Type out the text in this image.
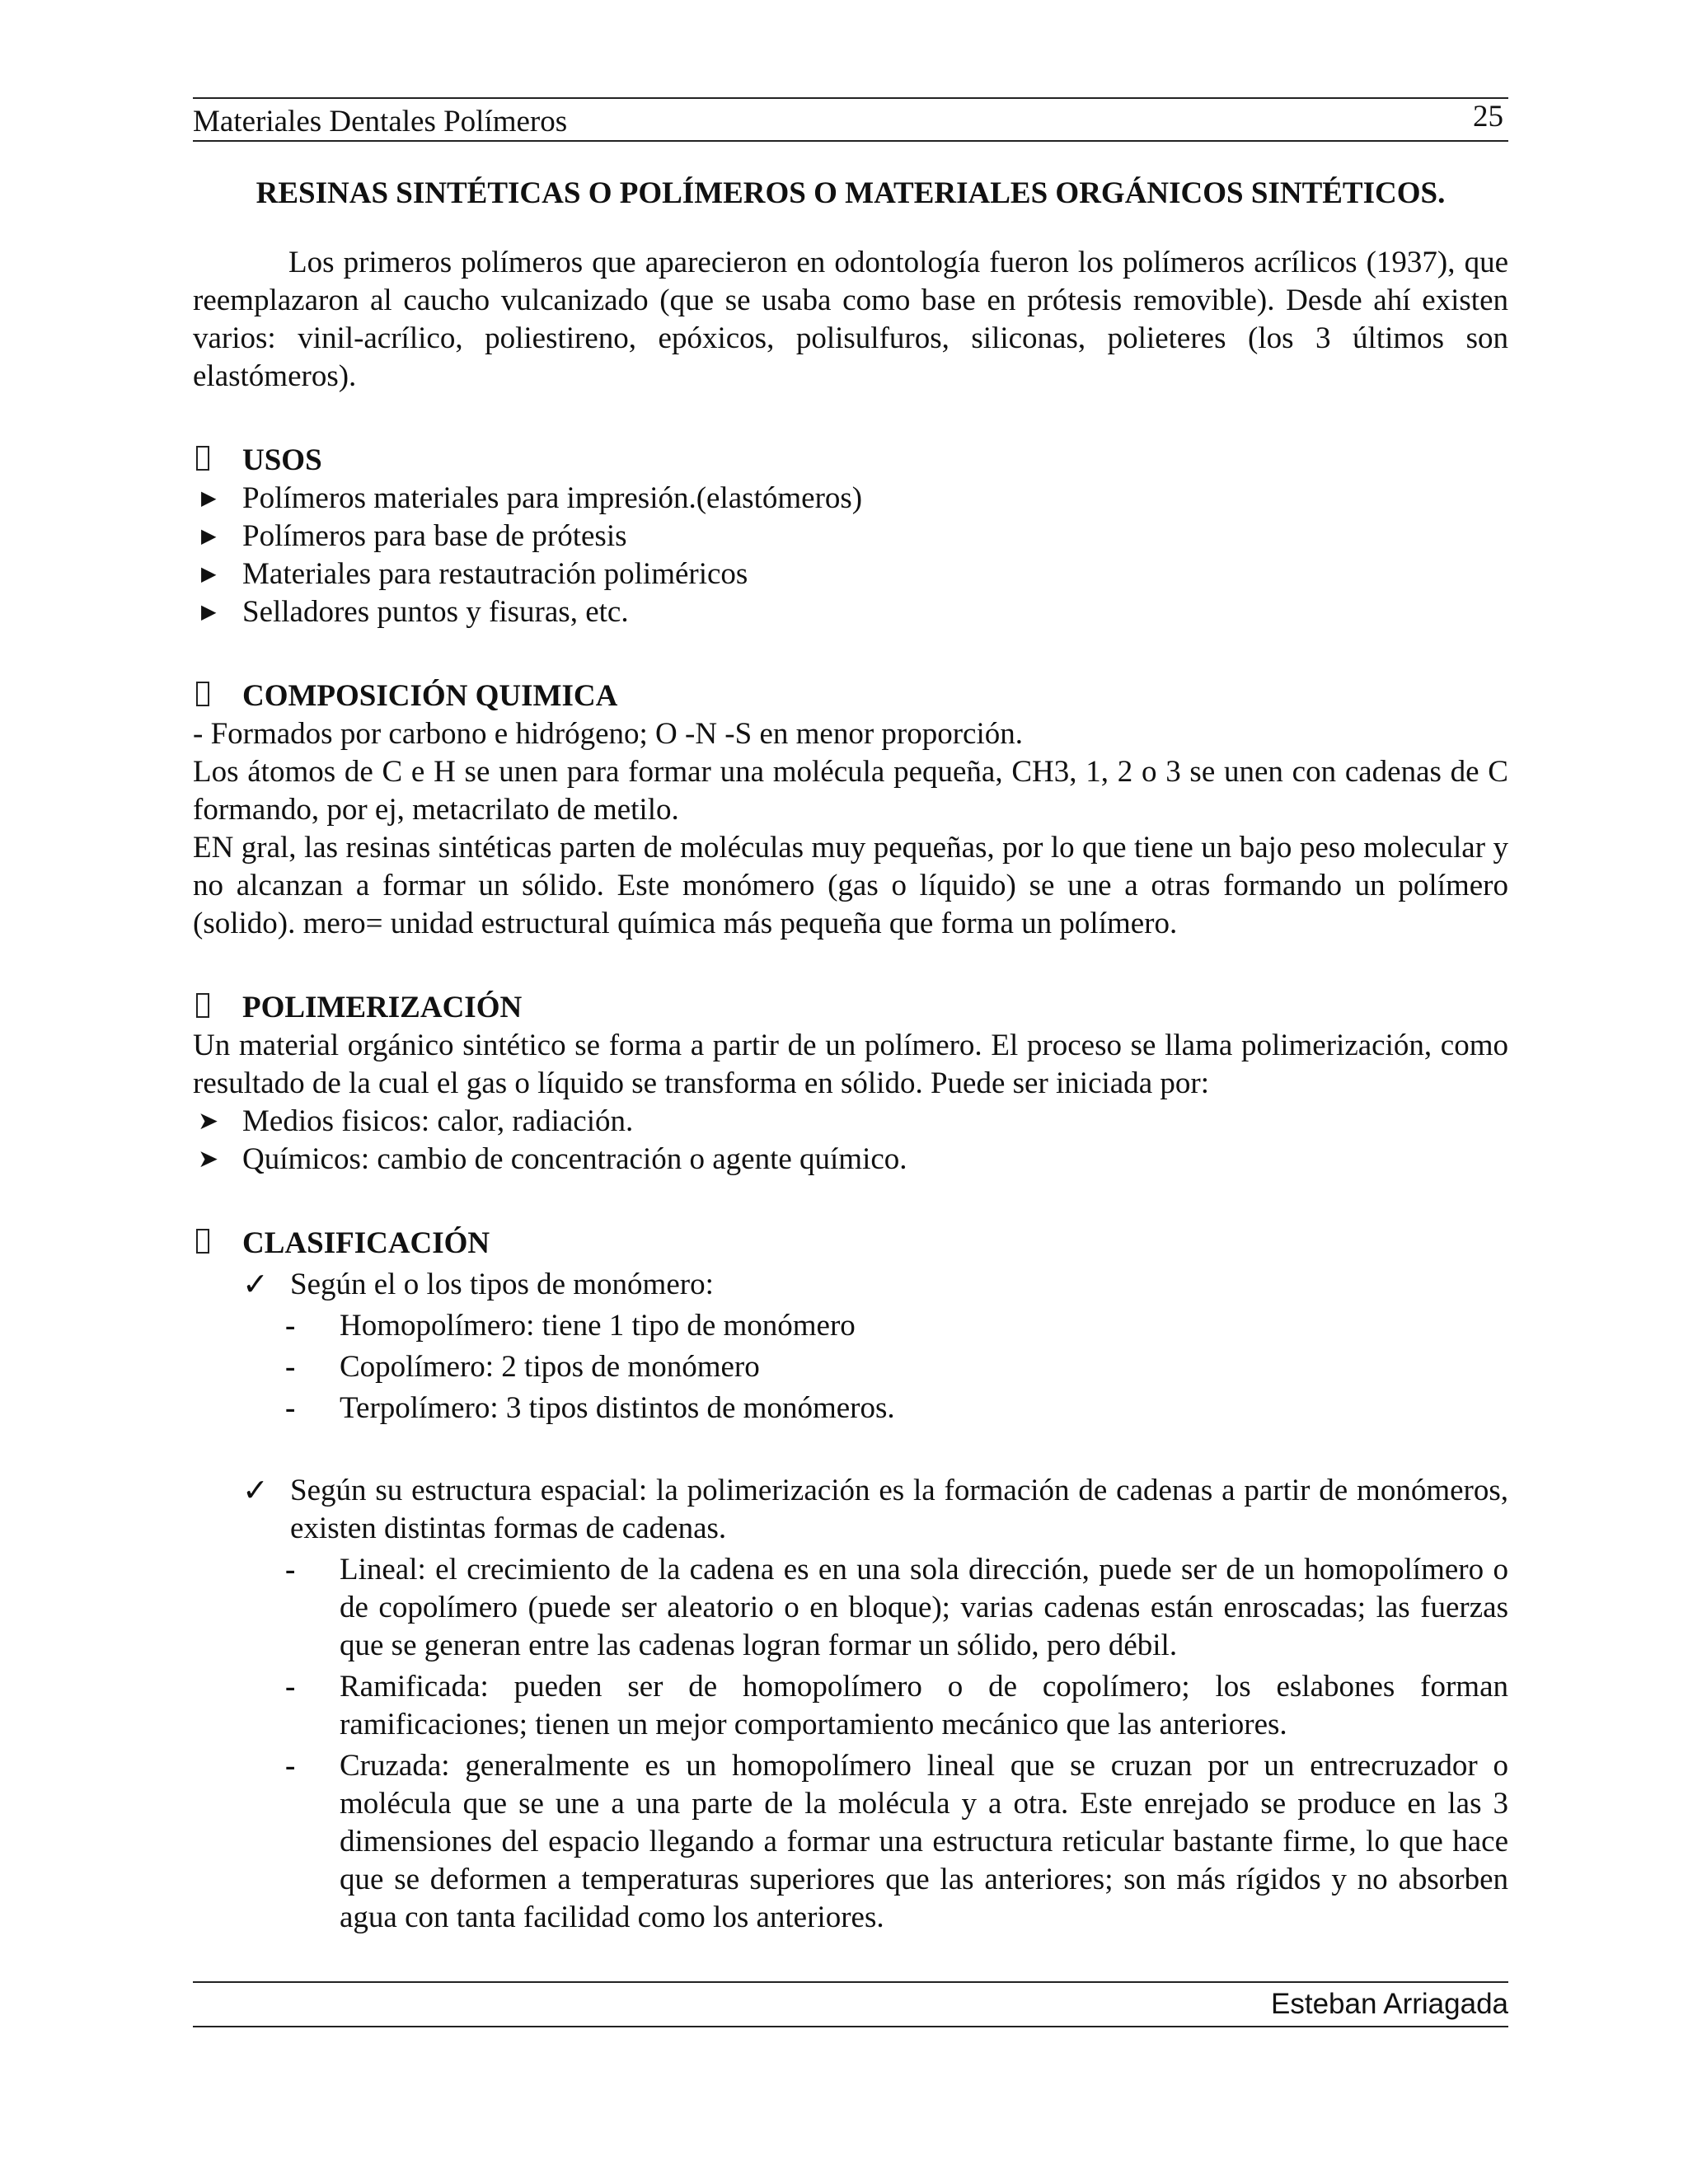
Materiales Dentales Polímeros	25
RESINAS SINTÉTICAS O POLÍMEROS O MATERIALES ORGÁNICOS SINTÉTICOS.

Los primeros polímeros que aparecieron en odontología fueron los polímeros acrílicos (1937), que reemplazaron al caucho vulcanizado (que se usaba como base en prótesis removible). Desde ahí existen varios: vinil-acrílico, poliestireno, epóxicos, polisulfuros, siliconas, polieteres (los 3 últimos son elastómeros).

USOS
▶ Polímeros materiales para impresión.(elastómeros)
▶ Polímeros para base de prótesis
▶ Materiales para restautración poliméricos
▶ Selladores puntos y fisuras, etc.
COMPOSICIÓN QUIMICA

- Formados por carbono e hidrógeno; O -N -S en menor proporción.

Los átomos de C e H se unen para formar una molécula pequeña, CH3, 1, 2 o 3 se unen con cadenas de C formando, por ej, metacrilato de metilo.

EN gral, las resinas sintéticas parten de moléculas muy pequeñas, por lo que tiene un bajo peso molecular y no alcanzan a formar un sólido. Este monómero (gas o líquido) se une a otras formando un polímero (solido). mero= unidad estructural química más pequeña que forma un polímero.

POLIMERIZACIÓN

Un material orgánico sintético se forma a partir de un polímero. El proceso se llama polimerización, como resultado de la cual el gas o líquido se transforma en sólido. Puede ser iniciada por:

➤ Medios fisicos: calor, radiación.
➤ Químicos: cambio de concentración o agente químico.
CLASIFICACIÓN
✓ Según el o los tipos de monómero:
- Homopolímero: tiene 1 tipo de monómero
- Copolímero: 2 tipos de monómero
- Terpolímero: 3 tipos distintos de monómeros.
✓ Según su estructura espacial: la polimerización es la formación de cadenas a partir de monómeros, existen distintas formas de cadenas.
- Lineal: el crecimiento de la cadena es en una sola dirección, puede ser de un homopolímero o de copolímero (puede ser aleatorio o en bloque); varias cadenas están enroscadas; las fuerzas que se generan entre las cadenas logran formar un sólido, pero débil.
- Ramificada: pueden ser de homopolímero o de copolímero; los eslabones forman ramificaciones; tienen un mejor comportamiento mecánico que las anteriores.
- Cruzada: generalmente es un homopolímero lineal que se cruzan por un entrecruzador o molécula que se une a una parte de la molécula y a otra. Este enrejado se produce en las 3 dimensiones del espacio llegando a formar una estructura reticular bastante firme, lo que hace que se deformen a temperaturas superiores que las anteriores; son más rígidos y no absorben agua con tanta facilidad como los anteriores.
Esteban Arriagada
